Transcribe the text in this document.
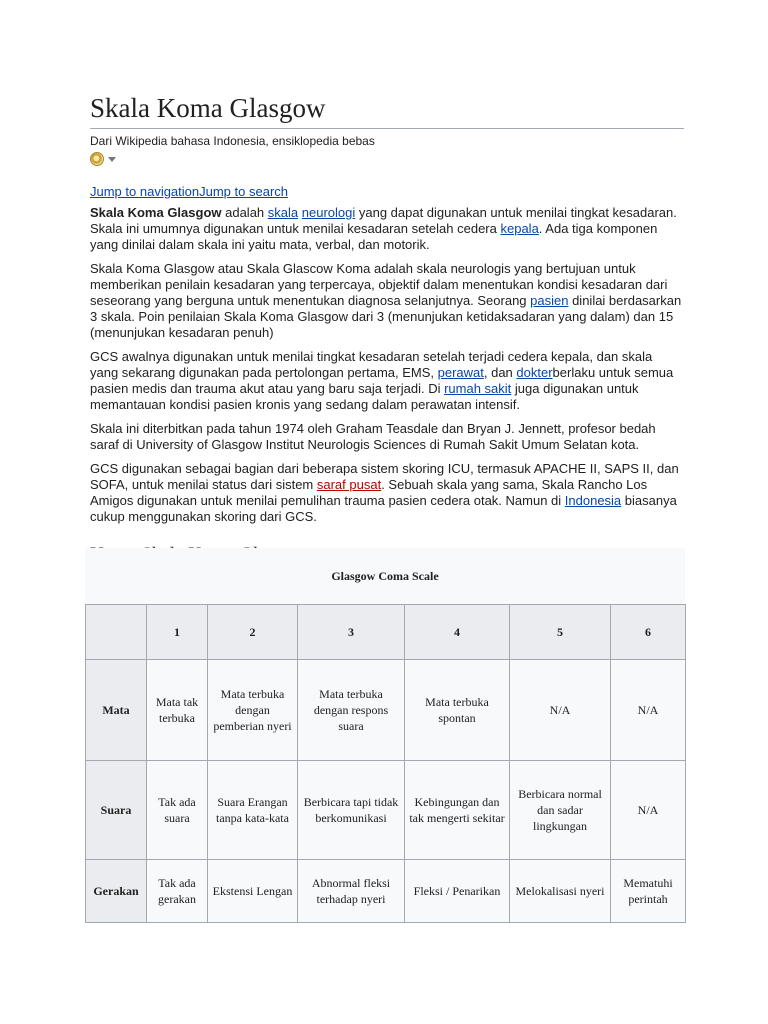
Skala Koma Glasgow
Dari Wikipedia bahasa Indonesia, ensiklopedia bebas
Jump to navigationJump to search

Skala Koma Glasgow adalah skala neurologi yang dapat digunakan untuk menilai tingkat kesadaran. Skala ini umumnya digunakan untuk menilai kesadaran setelah cedera kepala. Ada tiga komponen yang dinilai dalam skala ini yaitu mata, verbal, dan motorik.

Skala Koma Glasgow atau Skala Glascow Koma adalah skala neurologis yang bertujuan untuk memberikan penilain kesadaran yang terpercaya, objektif dalam menentukan kondisi kesadaran dari seseorang yang berguna untuk menentukan diagnosa selanjutnya. Seorang pasien dinilai berdasarkan 3 skala. Poin penilaian Skala Koma Glasgow dari 3 (menunjukan ketidaksadaran yang dalam) dan 15 (menunjukan kesadaran penuh)

GCS awalnya digunakan untuk menilai tingkat kesadaran setelah terjadi cedera kepala, dan skala yang sekarang digunakan pada pertolongan pertama, EMS, perawat, dan dokterberlaku untuk semua pasien medis dan trauma akut atau yang baru saja terjadi. Di rumah sakit juga digunakan untuk memantauan kondisi pasien kronis yang sedang dalam perawatan intensif.

Skala ini diterbitkan pada tahun 1974 oleh Graham Teasdale dan Bryan J. Jennett, profesor bedah saraf di University of Glasgow Institut Neurologis Sciences di Rumah Sakit Umum Selatan kota.

GCS digunakan sebagai bagian dari beberapa sistem skoring ICU, termasuk APACHE II, SAPS II, dan SOFA, untuk menilai status dari sistem saraf pusat. Sebuah skala yang sama, Skala Rancho Los Amigos digunakan untuk menilai pemulihan trauma pasien cedera otak. Namun di Indonesia biasanya cukup menggunakan skoring dari GCS.

Glasgow Coma Scale
	1	2	3	4	5	6
Mata	Mata tak terbuka	Mata terbuka dengan pemberian nyeri	Mata terbuka dengan respons suara	Mata terbuka spontan	N/A	N/A
Suara	Tak ada suara	Suara Erangan tanpa kata-kata	Berbicara tapi tidak berkomunikasi	Kebingungan dan tak mengerti sekitar	Berbicara normal dan sadar lingkungan	N/A
Gerakan	Tak ada gerakan	Ekstensi Lengan	Abnormal fleksi terhadap nyeri	Fleksi / Penarikan	Melokalisasi nyeri	Mematuhi perintah
